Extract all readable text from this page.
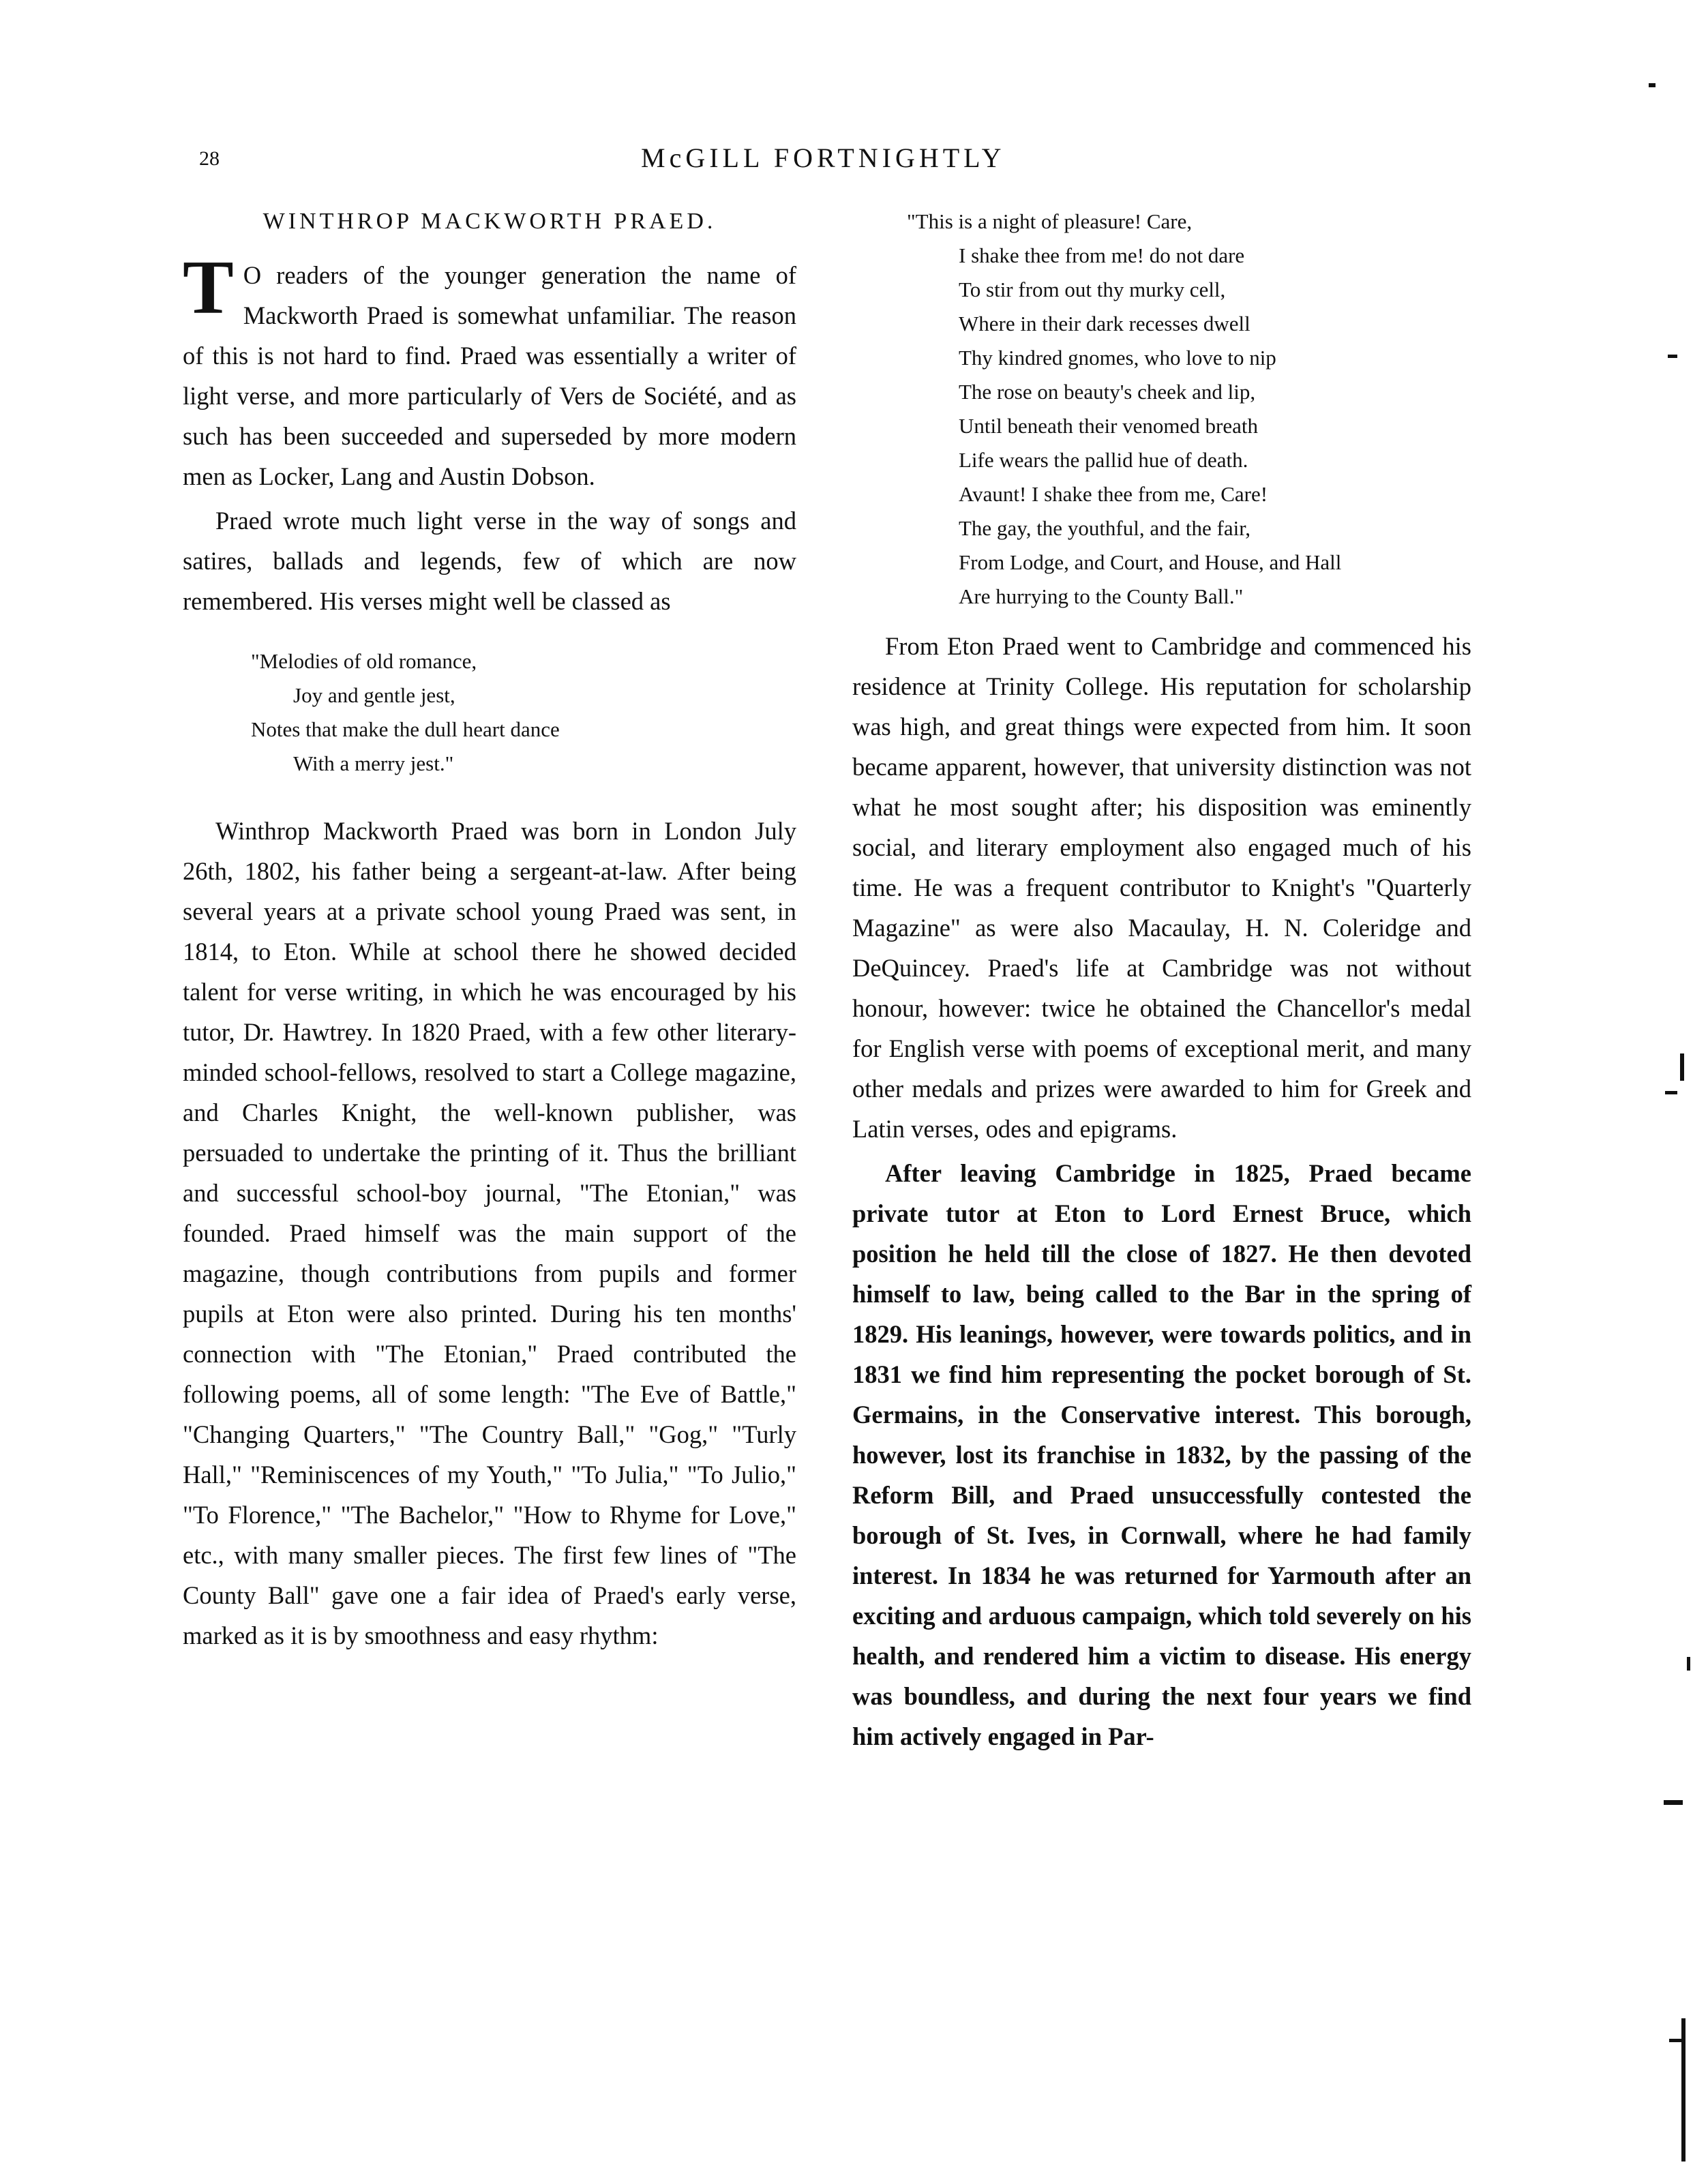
28	McGILL FORTNIGHTLY
WINTHROP MACKWORTH PRAED.

T O readers of the younger generation the name of Mackworth Praed is somewhat unfamiliar. The reason of this is not hard to find. Praed was essentially a writer of light verse, and more particularly of Vers de Société, and as such has been succeeded and superseded by more modern men as Locker, Lang and Austin Dobson.

Praed wrote much light verse in the way of songs and satires, ballads and legends, few of which are now remembered. His verses might well be classed as

"Melodies of old romance,
Joy and gentle jest,
Notes that make the dull heart dance
With a merry jest."

Winthrop Mackworth Praed was born in London July 26th, 1802, his father being a sergeant-at-law. After being several years at a private school young Praed was sent, in 1814, to Eton. While at school there he showed decided talent for verse writing, in which he was encouraged by his tutor, Dr. Hawtrey. In 1820 Praed, with a few other literary-minded school-fellows, resolved to start a College magazine, and Charles Knight, the well-known publisher, was persuaded to undertake the printing of it. Thus the brilliant and successful school-boy journal, "The Etonian," was founded. Praed himself was the main support of the magazine, though contributions from pupils and former pupils at Eton were also printed. During his ten months' connection with "The Etonian," Praed contributed the following poems, all of some length: "The Eve of Battle," "Changing Quarters," "The Country Ball," "Gog," "Turly Hall," "Reminiscences of my Youth," "To Julia," "To Julio," "To Florence," "The Bachelor," "How to Rhyme for Love," etc., with many smaller pieces. The first few lines of "The County Ball" gave one a fair idea of Praed's early verse, marked as it is by smoothness and easy rhythm:

"This is a night of pleasure! Care,
I shake thee from me! do not dare
To stir from out thy murky cell,
Where in their dark recesses dwell
Thy kindred gnomes, who love to nip
The rose on beauty's cheek and lip,
Until beneath their venomed breath
Life wears the pallid hue of death.
Avaunt! I shake thee from me, Care!
The gay, the youthful, and the fair,
From Lodge, and Court, and House, and Hall
Are hurrying to the County Ball."

From Eton Praed went to Cambridge and commenced his residence at Trinity College. His reputation for scholarship was high, and great things were expected from him. It soon became apparent, however, that university distinction was not what he most sought after; his disposition was eminently social, and literary employment also engaged much of his time. He was a frequent contributor to Knight's "Quarterly Magazine" as were also Macaulay, H. N. Coleridge and DeQuincey. Praed's life at Cambridge was not without honour, however: twice he obtained the Chancellor's medal for English verse with poems of exceptional merit, and many other medals and prizes were awarded to him for Greek and Latin verses, odes and epigrams.

After leaving Cambridge in 1825, Praed became private tutor at Eton to Lord Ernest Bruce, which position he held till the close of 1827. He then devoted himself to law, being called to the Bar in the spring of 1829. His leanings, however, were towards politics, and in 1831 we find him representing the pocket borough of St. Germains, in the Conservative interest. This borough, however, lost its franchise in 1832, by the passing of the Reform Bill, and Praed unsuccessfully contested the borough of St. Ives, in Cornwall, where he had family interest. In 1834 he was returned for Yarmouth after an exciting and arduous campaign, which told severely on his health, and rendered him a victim to disease. His energy was boundless, and during the next four years we find him actively engaged in Par-
